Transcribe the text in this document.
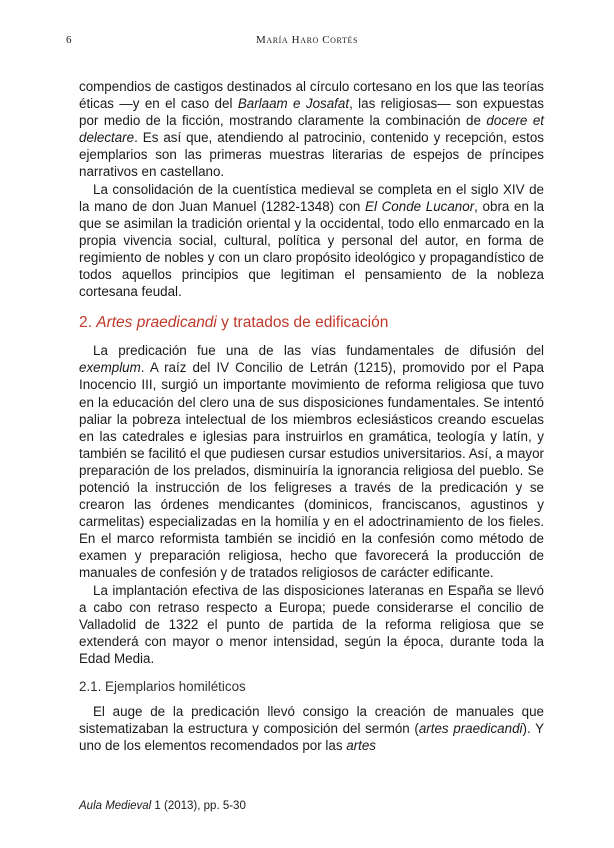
6	María Haro Cortés

compendios de castigos destinados al círculo cortesano en los que las teorías éticas —y en el caso del Barlaam e Josafat, las religiosas— son expuestas por medio de la ficción, mostrando claramente la combinación de docere et delectare. Es así que, atendiendo al patrocinio, contenido y recepción, estos ejemplarios son las primeras muestras literarias de espejos de príncipes narrativos en castellano.

La consolidación de la cuentística medieval se completa en el siglo XIV de la mano de don Juan Manuel (1282-1348) con El Conde Lucanor, obra en la que se asimilan la tradición oriental y la occidental, todo ello enmarcado en la propia vivencia social, cultural, política y personal del autor, en forma de regimiento de nobles y con un claro propósito ideológico y propagandístico de todos aquellos principios que legitiman el pensamiento de la nobleza cortesana feudal.

2. Artes praedicandi y tratados de edificación

La predicación fue una de las vías fundamentales de difusión del exemplum. A raíz del IV Concilio de Letrán (1215), promovido por el Papa Inocencio III, surgió un importante movimiento de reforma religiosa que tuvo en la educación del clero una de sus disposiciones fundamentales. Se intentó paliar la pobreza intelectual de los miembros eclesiásticos creando escuelas en las catedrales e iglesias para instruirlos en gramática, teología y latín, y también se facilitó el que pudiesen cursar estudios universitarios. Así, a mayor preparación de los prelados, disminuiría la ignorancia religiosa del pueblo. Se potenció la instrucción de los feligreses a través de la predicación y se crearon las órdenes mendicantes (dominicos, franciscanos, agustinos y carmelitas) especializadas en la homilía y en el adoctrinamiento de los fieles. En el marco reformista también se incidió en la confesión como método de examen y preparación religiosa, hecho que favorecerá la producción de manuales de confesión y de tratados religiosos de carácter edificante.

La implantación efectiva de las disposiciones lateranas en España se llevó a cabo con retraso respecto a Europa; puede considerarse el concilio de Valladolid de 1322 el punto de partida de la reforma religiosa que se extenderá con mayor o menor intensidad, según la época, durante toda la Edad Media.

2.1. Ejemplarios homiléticos

El auge de la predicación llevó consigo la creación de manuales que sistematizaban la estructura y composición del sermón (artes praedicandi). Y uno de los elementos recomendados por las artes

Aula Medieval 1 (2013), pp. 5-30
